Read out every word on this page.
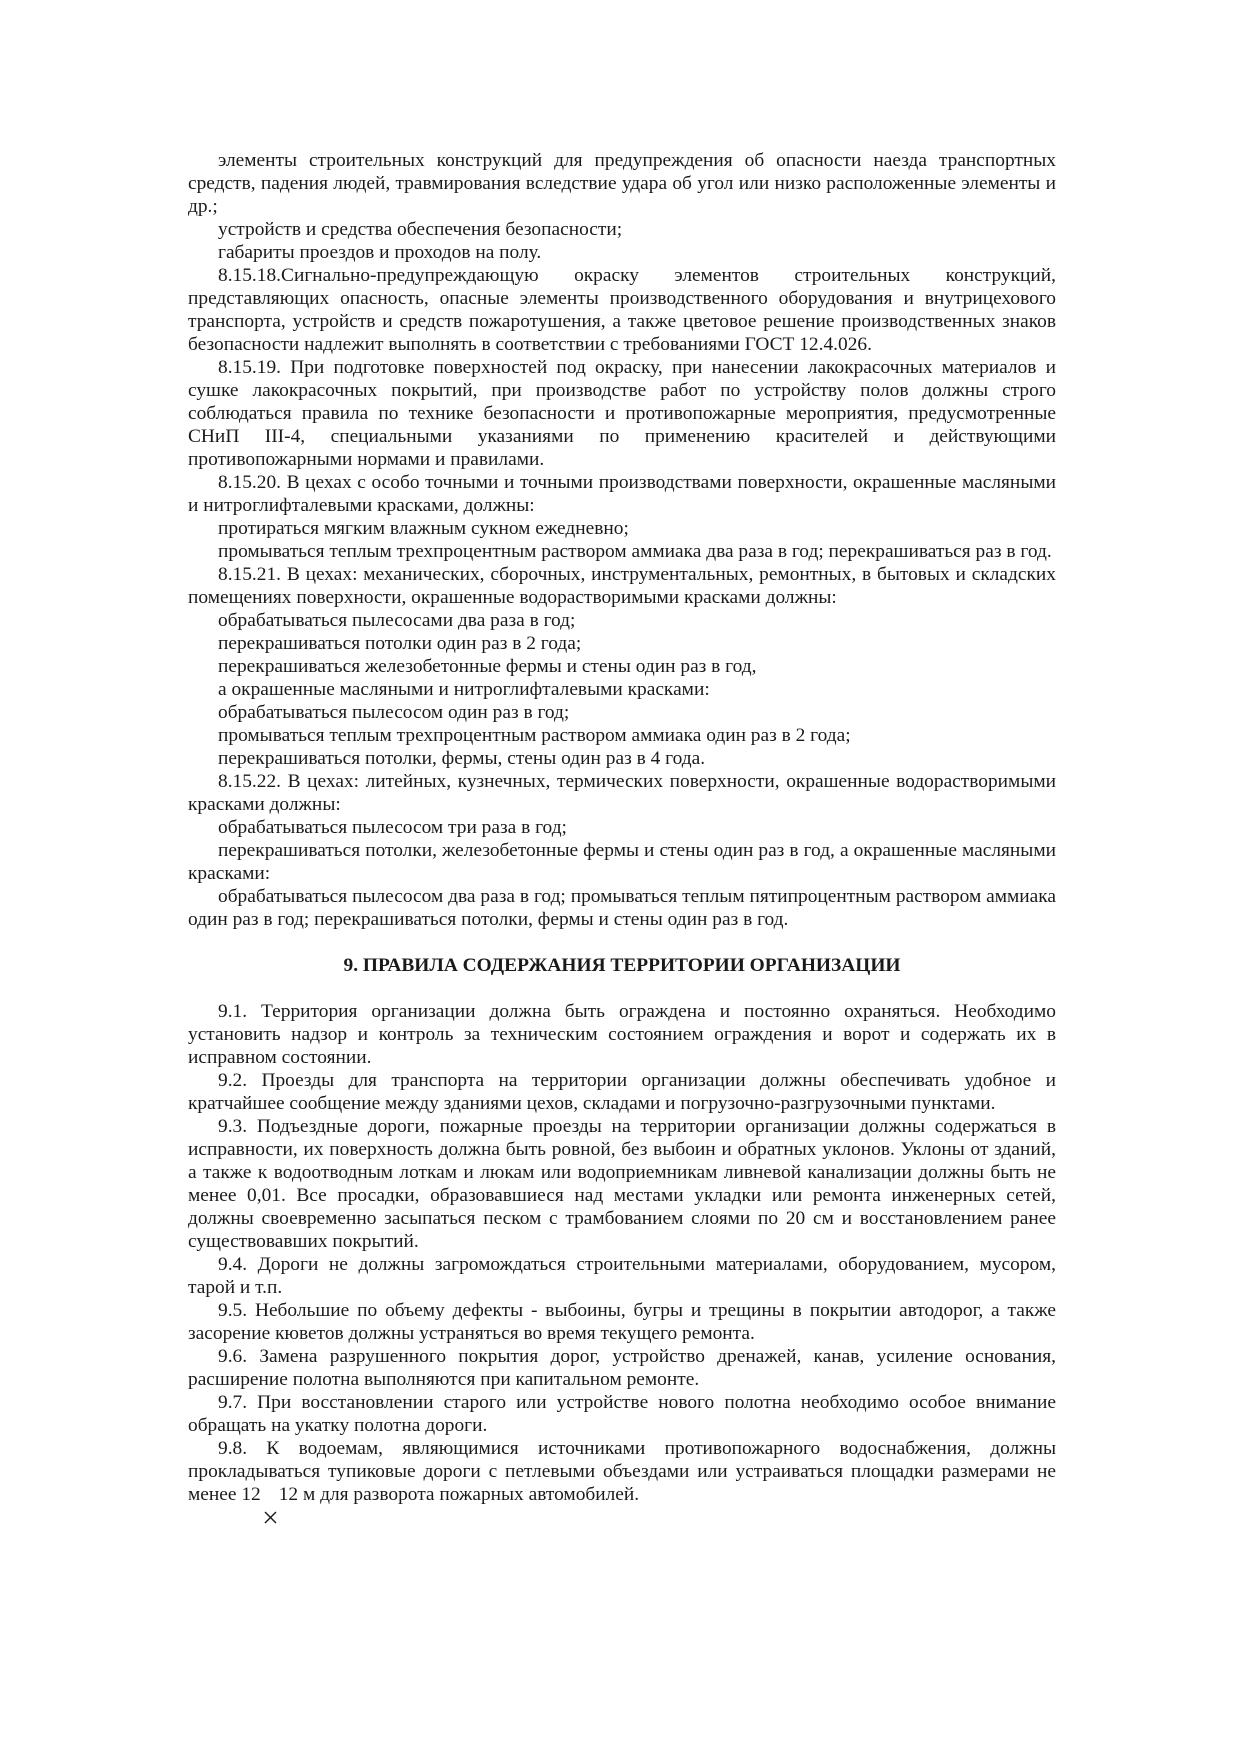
элементы строительных конструкций для предупреждения об опасности наезда транспортных средств, падения людей, травмирования вследствие удара об угол или низко расположенные элементы и др.;

устройств и средства обеспечения безопасности;

габариты проездов и проходов на полу.

8.15.18.Сигнально-предупреждающую окраску элементов строительных конструкций, представляющих опасность, опасные элементы производственного оборудования и внутрицехового транспорта, устройств и средств пожаротушения, а также цветовое решение производственных знаков безопасности надлежит выполнять в соответствии с требованиями ГОСТ 12.4.026.

8.15.19. При подготовке поверхностей под окраску, при нанесении лакокрасочных материалов и сушке лакокрасочных покрытий, при производстве работ по устройству полов должны строго соблюдаться правила по технике безопасности и противопожарные мероприятия, предусмотренные СНиП III-4, специальными указаниями по применению красителей и действующими противопожарными нормами и правилами.

8.15.20. В цехах с особо точными и точными производствами поверхности, окрашенные масляными и нитроглифталевыми красками, должны:

протираться мягким влажным сукном ежедневно;

промываться теплым трехпроцентным раствором аммиака два раза в год; перекрашиваться раз в год.

8.15.21. В цехах: механических, сборочных, инструментальных, ремонтных, в бытовых и складских помещениях поверхности, окрашенные водорастворимыми красками должны:

обрабатываться пылесосами два раза в год;

перекрашиваться потолки один раз в 2 года;

перекрашиваться железобетонные фермы и стены один раз в год,

а окрашенные масляными и нитроглифталевыми красками:

обрабатываться пылесосом один раз в год;

промываться теплым трехпроцентным раствором аммиака один раз в 2 года;

перекрашиваться потолки, фермы, стены один раз в 4 года.

8.15.22. В цехах: литейных, кузнечных, термических поверхности, окрашенные водорастворимыми красками должны:

обрабатываться пылесосом три раза в год;

перекрашиваться потолки, железобетонные фермы и стены один раз в год, а окрашенные масляными красками:

обрабатываться пылесосом два раза в год; промываться теплым пятипроцентным раствором аммиака один раз в год; перекрашиваться потолки, фермы и стены один раз в год.

9. ПРАВИЛА СОДЕРЖАНИЯ ТЕРРИТОРИИ ОРГАНИЗАЦИИ

9.1. Территория организации должна быть ограждена и постоянно охраняться. Необходимо установить надзор и контроль за техническим состоянием ограждения и ворот и содержать их в исправном состоянии.

9.2. Проезды для транспорта на территории организации должны обеспечивать удобное и кратчайшее сообщение между зданиями цехов, складами и погрузочно-разгрузочными пунктами.

9.3. Подъездные дороги, пожарные проезды на территории организации должны содержаться в исправности, их поверхность должна быть ровной, без выбоин и обратных уклонов. Уклоны от зданий, а также к водоотводным лоткам и люкам или водоприемникам ливневой канализации должны быть не менее 0,01. Все просадки, образовавшиеся над местами укладки или ремонта инженерных сетей, должны своевременно засыпаться песком с трамбованием слоями по 20 см и восстановлением ранее существовавших покрытий.

9.4. Дороги не должны загромождаться строительными материалами, оборудованием, мусором, тарой и т.п.

9.5. Небольшие по объему дефекты - выбоины, бугры и трещины в покрытии автодорог, а также засорение кюветов должны устраняться во время текущего ремонта.

9.6. Замена разрушенного покрытия дорог, устройство дренажей, канав, усиление основания, расширение полотна выполняются при капитальном ремонте.

9.7. При восстановлении старого или устройстве нового полотна необходимо особое внимание обращать на укатку полотна дороги.

9.8. К водоемам, являющимися источниками противопожарного водоснабжения, должны прокладываться тупиковые дороги с петлевыми объездами или устраиваться площадки размерами не менее 12 12 м для разворота пожарных автомобилей.
